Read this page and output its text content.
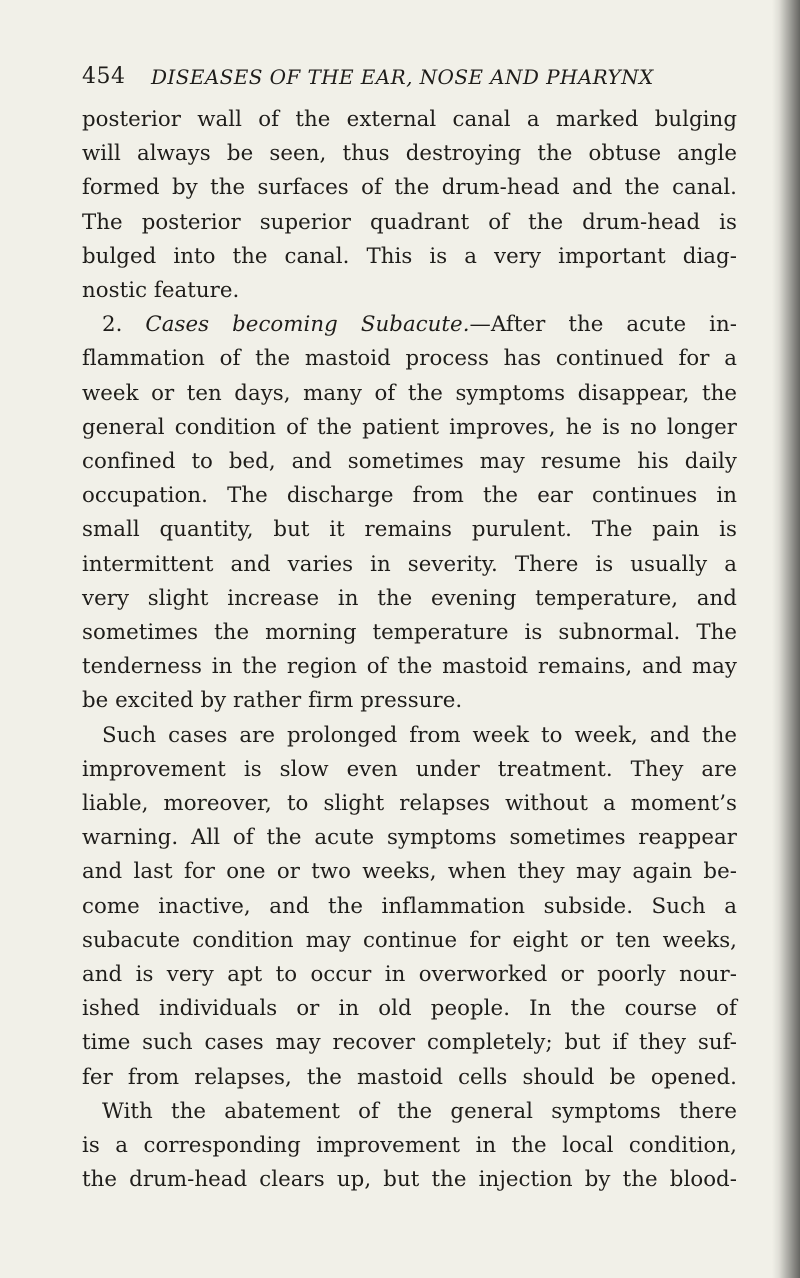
454 DISEASES OF THE EAR, NOSE AND PHARYNX
posterior wall of the external canal a marked bulging
will always be seen, thus destroying the obtuse angle
formed by the surfaces of the drum-head and the canal.
The posterior superior quadrant of the drum-head is
bulged into the canal. This is a very important diag-
nostic feature.
2. Cases becoming Subacute.—After the acute in-
flammation of the mastoid process has continued for a
week or ten days, many of the symptoms disappear, the
general condition of the patient improves, he is no longer
confined to bed, and sometimes may resume his daily
occupation. The discharge from the ear continues in
small quantity, but it remains purulent. The pain is
intermittent and varies in severity. There is usually a
very slight increase in the evening temperature, and
sometimes the morning temperature is subnormal. The
tenderness in the region of the mastoid remains, and may
be excited by rather firm pressure.
Such cases are prolonged from week to week, and the
improvement is slow even under treatment. They are
liable, moreover, to slight relapses without a moment’s
warning. All of the acute symptoms sometimes reappear
and last for one or two weeks, when they may again be-
come inactive, and the inflammation subside. Such a
subacute condition may continue for eight or ten weeks,
and is very apt to occur in overworked or poorly nour-
ished individuals or in old people. In the course of
time such cases may recover completely; but if they suf-
fer from relapses, the mastoid cells should be opened.
With the abatement of the general symptoms there
is a corresponding improvement in the local condition,
the drum-head clears up, but the injection by the blood-
